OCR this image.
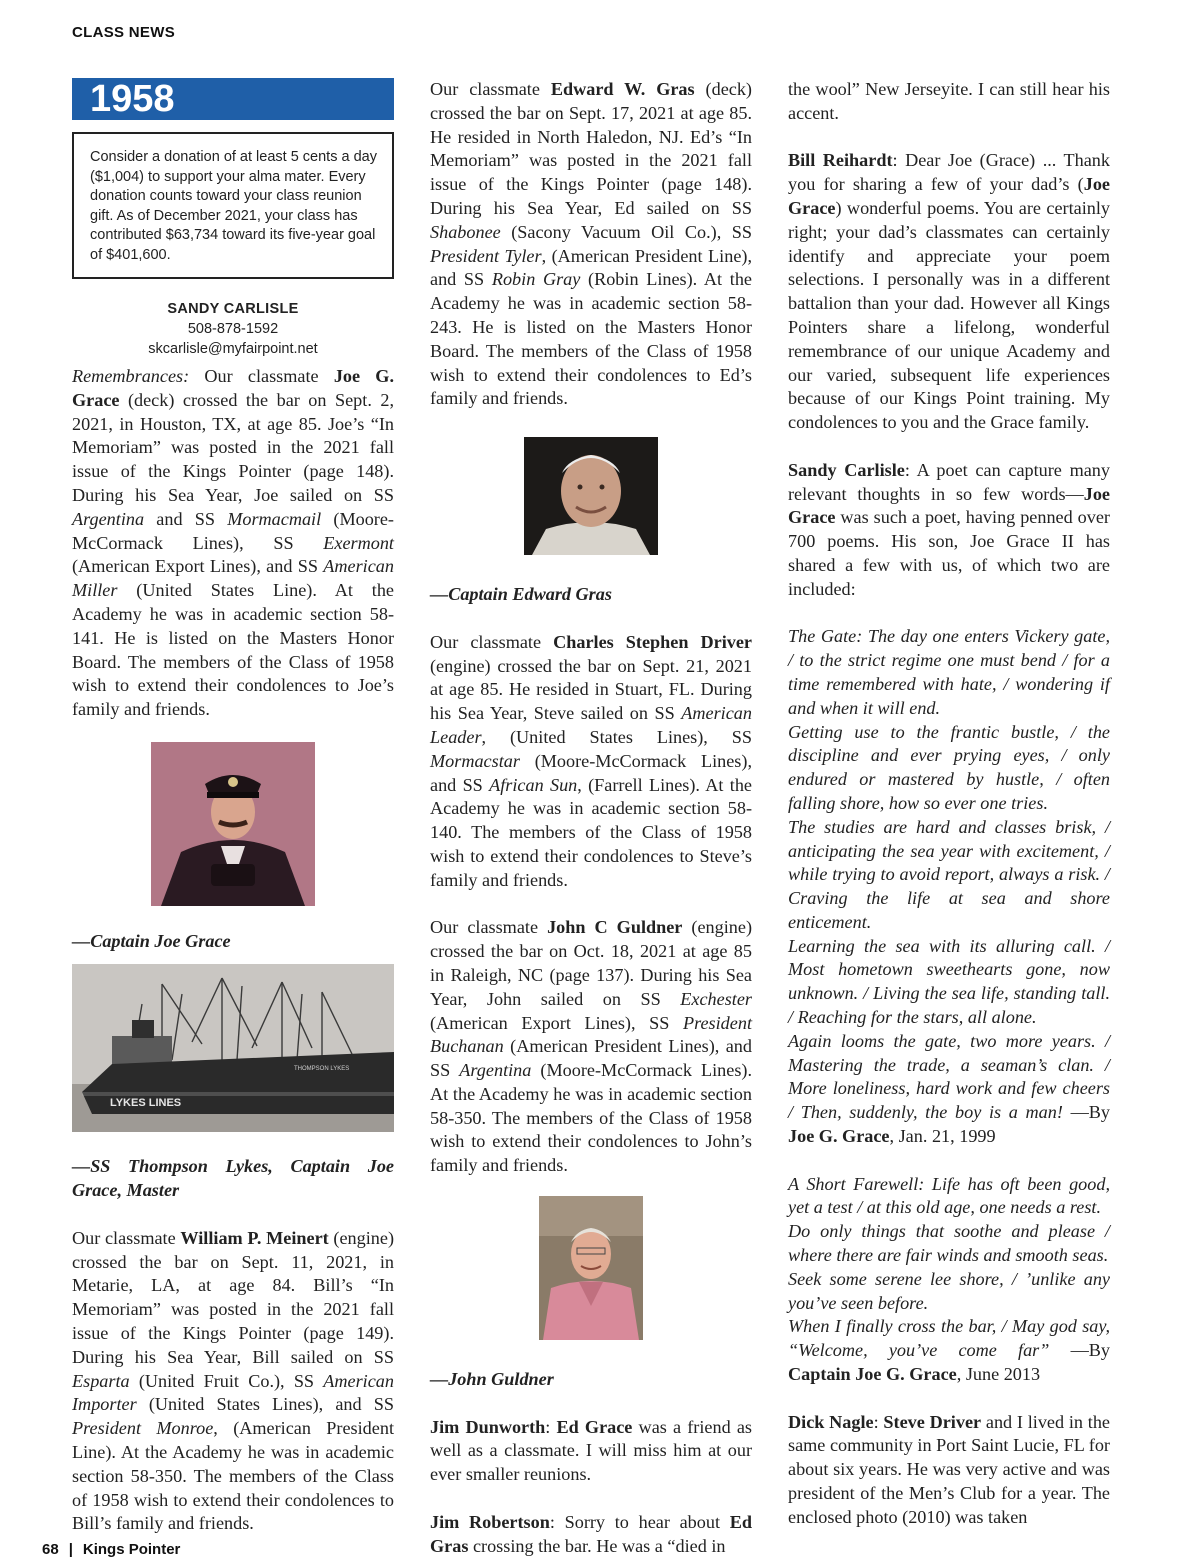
CLASS NEWS
1958
Consider a donation of at least 5 cents a day ($1,004) to support your alma mater. Every donation counts toward your class reunion gift. As of December 2021, your class has contributed $63,734 toward its five-year goal of $401,600.
SANDY CARLISLE
508-878-1592
skcarlisle@myfairpoint.net

Remembrances: Our classmate Joe G. Grace (deck) crossed the bar on Sept. 2, 2021, in Houston, TX, at age 85. Joe’s “In Memoriam” was posted in the 2021 fall issue of the Kings Pointer (page 148). During his Sea Year, Joe sailed on SS Argentina and SS Mormacmail (Moore-McCormack Lines), SS Exermont (American Export Lines), and SS American Miller (United States Line). At the Academy he was in academic section 58-141. He is listed on the Masters Honor Board. The members of the Class of 1958 wish to extend their condolences to Joe’s family and friends.

—Captain Joe Grace

THOMPSON LYKES
LYKES LINES

—SS Thompson Lykes, Captain Joe Grace, Master

Our classmate William P. Meinert (engine) crossed the bar on Sept. 11, 2021, in Metarie, LA, at age 84. Bill’s “In Memoriam” was posted in the 2021 fall issue of the Kings Pointer (page 149). During his Sea Year, Bill sailed on SS Esparta (United Fruit Co.), SS American Importer (United States Lines), and SS President Monroe, (American President Line). At the Academy he was in academic section 58-350. The members of the Class of 1958 wish to extend their condolences to Bill’s family and friends.

Our classmate Edward W. Gras (deck) crossed the bar on Sept. 17, 2021 at age 85. He resided in North Haledon, NJ. Ed’s “In Memoriam” was posted in the 2021 fall issue of the Kings Pointer (page 148). During his Sea Year, Ed sailed on SS Shabonee (Sacony Vacuum Oil Co.), SS President Tyler, (American President Line), and SS Robin Gray (Robin Lines). At the Academy he was in academic section 58-243. He is listed on the Masters Honor Board. The members of the Class of 1958 wish to extend their condolences to Ed’s family and friends.

—Captain Edward Gras

Our classmate Charles Stephen Driver (engine) crossed the bar on Sept. 21, 2021 at age 85. He resided in Stuart, FL. During his Sea Year, Steve sailed on SS American Leader, (United States Lines), SS Mormacstar (Moore-McCormack Lines), and SS African Sun, (Farrell Lines). At the Academy he was in academic section 58-140. The members of the Class of 1958 wish to extend their condolences to Steve’s family and friends.

Our classmate John C Guldner (engine) crossed the bar on Oct. 18, 2021 at age 85 in Raleigh, NC (page 137). During his Sea Year, John sailed on SS Exchester (American Export Lines), SS President Buchanan (American President Lines), and SS Argentina (Moore-McCormack Lines). At the Academy he was in academic section 58-350. The members of the Class of 1958 wish to extend their condolences to John’s family and friends.

—John Guldner

Jim Dunworth: Ed Grace was a friend as well as a classmate. I will miss him at our ever smaller reunions.

Jim Robertson: Sorry to hear about Ed Gras crossing the bar. He was a “died in

the wool” New Jerseyite. I can still hear his accent.

Bill Reihardt: Dear Joe (Grace) ... Thank you for sharing a few of your dad’s (Joe Grace) wonderful poems. You are certainly right; your dad’s classmates can certainly identify and appreciate your poem selections. I personally was in a different battalion than your dad. However all Kings Pointers share a lifelong, wonderful remembrance of our unique Academy and our varied, subsequent life experiences because of our Kings Point training. My condolences to you and the Grace family.

Sandy Carlisle: A poet can capture many relevant thoughts in so few words—Joe Grace was such a poet, having penned over 700 poems. His son, Joe Grace II has shared a few with us, of which two are included:

The Gate: The day one enters Vickery gate, / to the strict regime one must bend / for a time remembered with hate, / wondering if and when it will end.
Getting use to the frantic bustle, / the discipline and ever prying eyes, / only endured or mastered by hustle, / often falling shore, how so ever one tries.
The studies are hard and classes brisk, / anticipating the sea year with excitement, / while trying to avoid report, always a risk. / Craving the life at sea and shore enticement.
Learning the sea with its alluring call. / Most hometown sweethearts gone, now unknown. / Living the sea life, standing tall. / Reaching for the stars, all alone.
Again looms the gate, two more years. / Mastering the trade, a seaman’s clan. / More loneliness, hard work and few cheers / Then, suddenly, the boy is a man! —By Joe G. Grace, Jan. 21, 1999

A Short Farewell: Life has oft been good, yet a test / at this old age, one needs a rest.
Do only things that soothe and please / where there are fair winds and smooth seas.
Seek some serene lee shore, / ’unlike any you’ve seen before.
When I finally cross the bar, / May god say, “Welcome, you’ve come far” —By Captain Joe G. Grace, June 2013

Dick Nagle: Steve Driver and I lived in the same community in Port Saint Lucie, FL for about six years. He was very active and was president of the Men’s Club for a year. The enclosed photo (2010) was taken

68 | Kings Pointer
